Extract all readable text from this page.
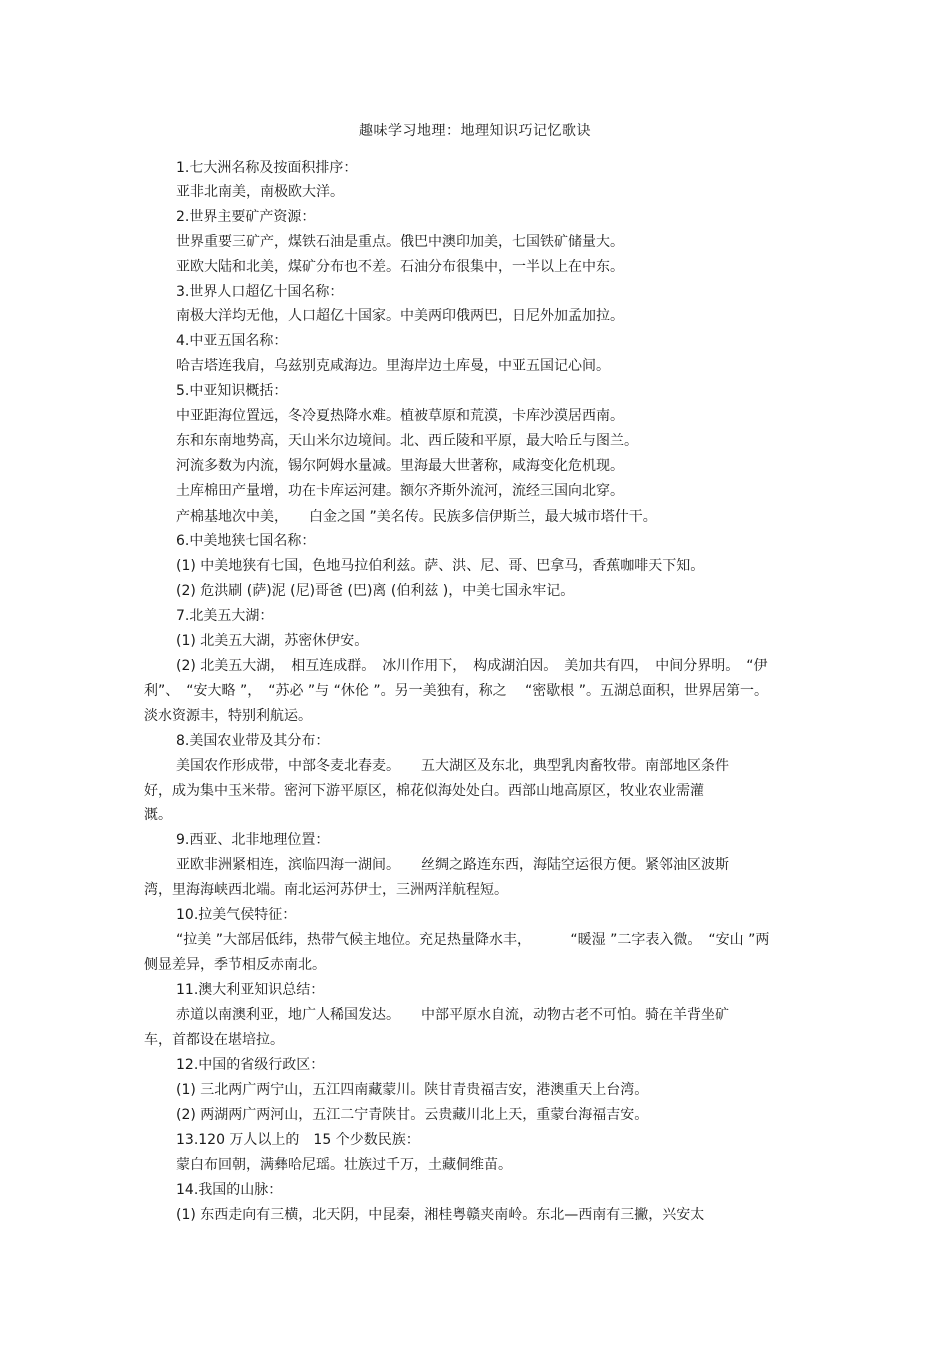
趣味学习地理：地理知识巧记忆歌诀
1.七大洲名称及按面积排序：
亚非北南美，南极欧大洋。
2.世界主要矿产资源：
世界重要三矿产，煤铁石油是重点。俄巴中澳印加美，七国铁矿储量大。
亚欧大陆和北美，煤矿分布也不差。石油分布很集中，一半以上在中东。
3.世界人口超亿十国名称：
南极大洋均无他，人口超亿十国家。中美两印俄两巴，日尼外加孟加拉。
4.中亚五国名称：
哈吉塔连我肩，乌兹别克咸海边。里海岸边土库曼，中亚五国记心间。
5.中亚知识概括：
中亚距海位置远，冬冷夏热降水难。植被草原和荒漠，卡库沙漠居西南。
东和东南地势高，天山米尔边境间。北、西丘陵和平原，最大哈丘与图兰。
河流多数为内流，锡尔阿姆水量减。里海最大世著称，咸海变化危机现。
土库棉田产量增，功在卡库运河建。额尔齐斯外流河，流经三国向北穿。
产棉基地次中美，　　白金之国 ”美名传。民族多信伊斯兰，最大城市塔什干。
6.中美地狭七国名称：
(1) 中美地狭有七国，色地马拉伯利兹。萨、洪、尼、哥、巴拿马，香蕉咖啡天下知。
(2) 危洪刷 (萨)泥 (尼)哥爸 (巴)离 (伯利兹 )，中美七国永牢记。
7.北美五大湖：
(1) 北美五大湖，苏密休伊安。
(2) 北美五大湖，　相互连成群。　冰川作用下，　构成湖泊因。　美加共有四，　中间分界明。　“伊
利”、　“安大略 ”，　“苏必 ”与 “休伦 ”。另一美独有，称之　 “密歇根 ”。五湖总面积，世界居第一。
淡水资源丰，特别利航运。
8.美国农业带及其分布：
美国农作形成带，中部冬麦北春麦。　　五大湖区及东北，典型乳肉畜牧带。南部地区条件
好，成为集中玉米带。密河下游平原区，棉花似海处处白。西部山地高原区，牧业农业需灌
溉。
9.西亚、北非地理位置：
亚欧非洲紧相连，滨临四海一湖间。　　丝绸之路连东西，海陆空运很方便。紧邻油区波斯
湾，里海海峡西北端。南北运河苏伊士，三洲两洋航程短。
10.拉美气侯特征：
“拉美 ”大部居低纬，热带气候主地位。充足热量降水丰，　　　 “暖湿 ”二字表入微。　“安山 ”两
侧显差异，季节相反赤南北。
11.澳大利亚知识总结：
赤道以南澳利亚，地广人稀国发达。　　中部平原水自流，动物古老不可怕。骑在羊背坐矿
车，首都设在堪培拉。
12.中国的省级行政区：
(1) 三北两广两宁山，五江四南藏蒙川。陕甘青贵福吉安，港澳重天上台湾。
(2) 两湖两广两河山，五江二宁青陕甘。云贵藏川北上天，重蒙台海福吉安。
13.120 万人以上的　15 个少数民族：
蒙白布回朝，满彝哈尼瑶。壮族过千万，土藏侗维苗。
14.我国的山脉：
(1) 东西走向有三横，北天阴，中昆秦，湘桂粤赣夹南岭。东北—西南有三撇，兴安太
